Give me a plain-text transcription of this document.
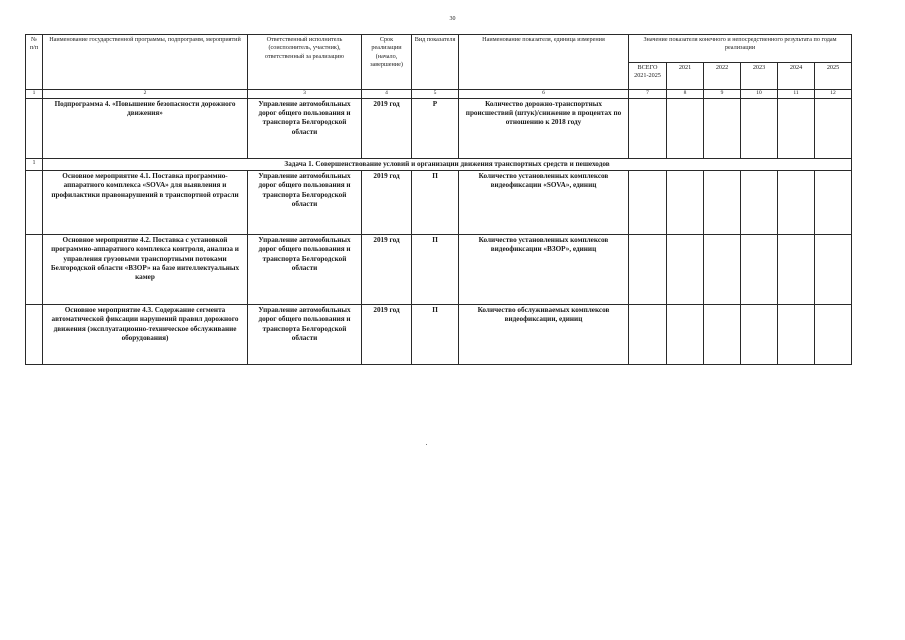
30
№ п/п	Наименование государственной программы, подпрограмм, мероприятий	Ответственный исполнитель (соисполнитель, участник), ответственный за реализацию	Срок реализации (начало, завершение)	Вид показателя	Наименование показателя, единица измерения	Значение показателя конечного и непосредственного результата по годам реализации					
						ВСЕГО 2021-2025	2021	2022	2023	2024	2025
1	2	3	4	5	6	7	8	9	10	11	12
	Подпрограмма 4. «Повышение безопасности дорожного движения»	Управление автомобильных дорог общего пользования и транспорта Белгородской области	2019 год	Р	Количество дорожно-транспортных происшествий (штук)/снижение в процентах по отношению к 2018 году						
1	Задача 1. Совершенствование условий и организации движения транспортных средств и пешеходов										
	Основное мероприятие 4.1. Поставка программно-аппаратного комплекса «SOVA» для выявления и профилактики правонарушений в транспортной отрасли	Управление автомобильных дорог общего пользования и транспорта Белгородской области	2019 год	П	Количество установленных комплексов видеофиксации «SOVA», единиц						
	Основное мероприятие 4.2. Поставка с установкой программно-аппаратного комплекса контроля, анализа и управления грузовыми транспортными потоками Белгородской области «ВЗОР» на базе интеллектуальных камер	Управление автомобильных дорог общего пользования и транспорта Белгородской области	2019 год	П	Количество установленных комплексов видеофиксации «ВЗОР», единиц						
	Основное мероприятие 4.3. Содержание сегмента автоматической фиксации нарушений правил дорожного движения (эксплуатационно-техническое обслуживание оборудования)	Управление автомобильных дорог общего пользования и транспорта Белгородской области	2019 год	П	Количество обслуживаемых комплексов видеофиксации, единиц						
